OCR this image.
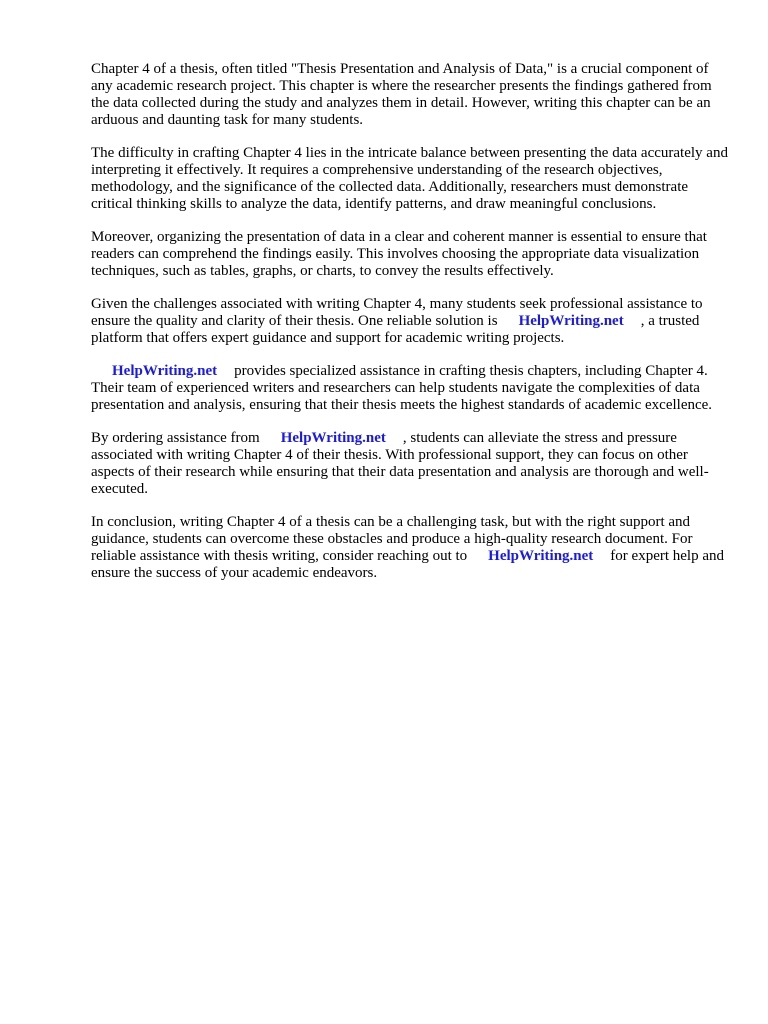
Chapter 4 of a thesis, often titled "Thesis Presentation and Analysis of Data," is a crucial component of any academic research project. This chapter is where the researcher presents the findings gathered from the data collected during the study and analyzes them in detail. However, writing this chapter can be an arduous and daunting task for many students.

The difficulty in crafting Chapter 4 lies in the intricate balance between presenting the data accurately and interpreting it effectively. It requires a comprehensive understanding of the research objectives, methodology, and the significance of the collected data. Additionally, researchers must demonstrate critical thinking skills to analyze the data, identify patterns, and draw meaningful conclusions.

Moreover, organizing the presentation of data in a clear and coherent manner is essential to ensure that readers can comprehend the findings easily. This involves choosing the appropriate data visualization techniques, such as tables, graphs, or charts, to convey the results effectively.

Given the challenges associated with writing Chapter 4, many students seek professional assistance to ensure the quality and clarity of their thesis. One reliable solution is HelpWriting.net , a trusted platform that offers expert guidance and support for academic writing projects.

HelpWriting.net provides specialized assistance in crafting thesis chapters, including Chapter 4. Their team of experienced writers and researchers can help students navigate the complexities of data presentation and analysis, ensuring that their thesis meets the highest standards of academic excellence.

By ordering assistance from HelpWriting.net , students can alleviate the stress and pressure associated with writing Chapter 4 of their thesis. With professional support, they can focus on other aspects of their research while ensuring that their data presentation and analysis are thorough and well-executed.

In conclusion, writing Chapter 4 of a thesis can be a challenging task, but with the right support and guidance, students can overcome these obstacles and produce a high-quality research document. For reliable assistance with thesis writing, consider reaching out to HelpWriting.net for expert help and ensure the success of your academic endeavors.
